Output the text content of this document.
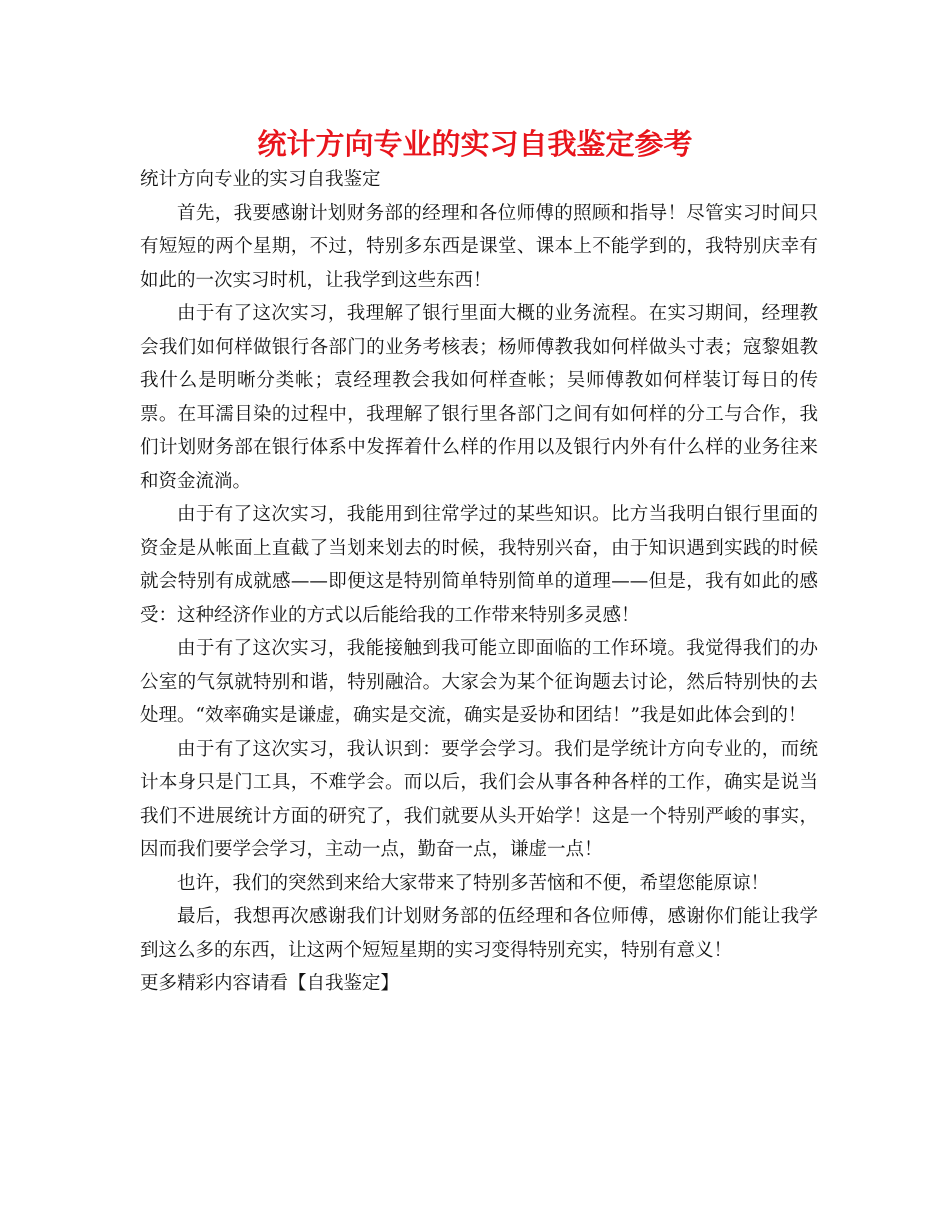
统计方向专业的实习自我鉴定参考

统计方向专业的实习自我鉴定

首先，我要感谢计划财务部的经理和各位师傅的照顾和指导！尽管实习时间只有短短的两个星期，不过，特别多东西是课堂、课本上不能学到的，我特别庆幸有如此的一次实习时机，让我学到这些东西！

由于有了这次实习，我理解了银行里面大概的业务流程。在实习期间，经理教会我们如何样做银行各部门的业务考核表；杨师傅教我如何样做头寸表；寇黎姐教我什么是明晰分类帐；袁经理教会我如何样查帐；吴师傅教如何样装订每日的传票。在耳濡目染的过程中，我理解了银行里各部门之间有如何样的分工与合作，我们计划财务部在银行体系中发挥着什么样的作用以及银行内外有什么样的业务往来和资金流淌。

由于有了这次实习，我能用到往常学过的某些知识。比方当我明白银行里面的资金是从帐面上直截了当划来划去的时候，我特别兴奋，由于知识遇到实践的时候就会特别有成就感——即便这是特别简单特别简单的道理——但是，我有如此的感受：这种经济作业的方式以后能给我的工作带来特别多灵感！

由于有了这次实习，我能接触到我可能立即面临的工作环境。我觉得我们的办公室的气氛就特别和谐，特别融洽。大家会为某个征询题去讨论，然后特别快的去处理。“效率确实是谦虚，确实是交流，确实是妥协和团结！”我是如此体会到的！

由于有了这次实习，我认识到：要学会学习。我们是学统计方向专业的，而统计本身只是门工具，不难学会。而以后，我们会从事各种各样的工作，确实是说当我们不进展统计方面的研究了，我们就要从头开始学！这是一个特别严峻的事实，因而我们要学会学习，主动一点，勤奋一点，谦虚一点！

也许，我们的突然到来给大家带来了特别多苦恼和不便，希望您能原谅！

最后，我想再次感谢我们计划财务部的伍经理和各位师傅，感谢你们能让我学到这么多的东西，让这两个短短星期的实习变得特别充实，特别有意义！

更多精彩内容请看【自我鉴定】
